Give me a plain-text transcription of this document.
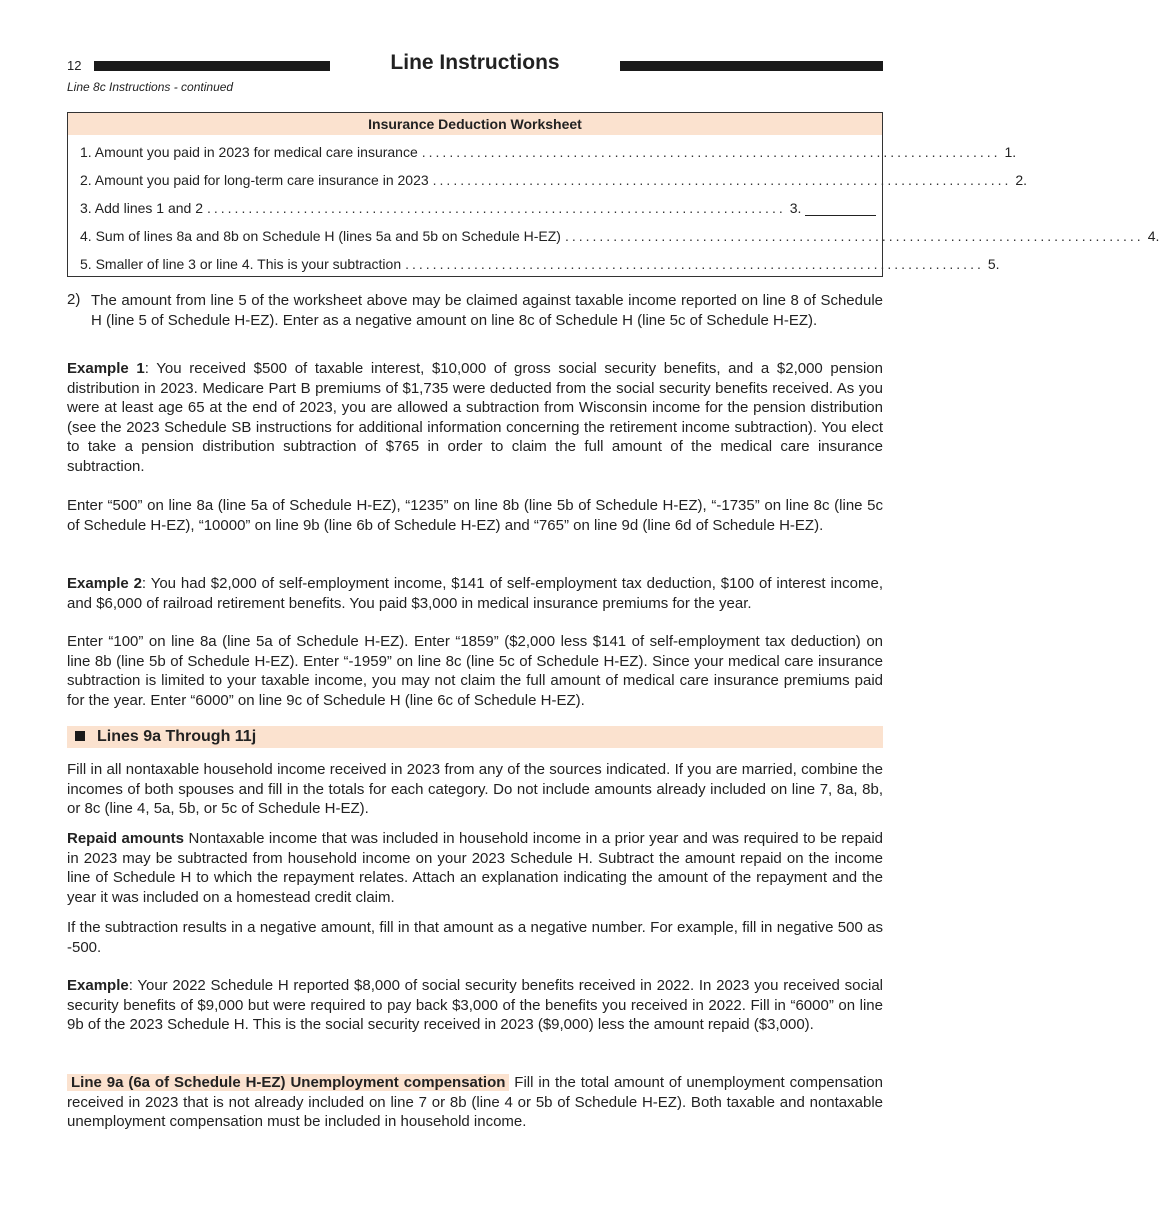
12	Line Instructions
Line 8c Instructions - continued
Insurance Deduction Worksheet
1. Amount you paid in 2023 for medical care insurance .................................................................................... 1.
2. Amount you paid for long-term care insurance in 2023 .................................................................................... 2.
3. Add lines 1 and 2 .................................................................................... 3.
4. Sum of lines 8a and 8b on Schedule H (lines 5a and 5b on Schedule H-EZ) .................................................................................... 4.
5. Smaller of line 3 or line 4. This is your subtraction .................................................................................... 5.
2) The amount from line 5 of the worksheet above may be claimed against taxable income reported on line 8 of Schedule H (line 5 of Schedule H-EZ). Enter as a negative amount on line 8c of Schedule H (line 5c of Schedule H-EZ).
Example 1: You received $500 of taxable interest, $10,000 of gross social security benefits, and a $2,000 pension distribution in 2023. Medicare Part B premiums of $1,735 were deducted from the social security benefits received. As you were at least age 65 at the end of 2023, you are allowed a subtraction from Wisconsin income for the pension distribution (see the 2023 Schedule SB instructions for additional information concerning the retirement income subtraction). You elect to take a pension distribution subtraction of $765 in order to claim the full amount of the medical care insurance subtraction.
Enter “500” on line 8a (line 5a of Schedule H-EZ), “1235” on line 8b (line 5b of Schedule H-EZ), “-1735” on line 8c (line 5c of Schedule H-EZ), “10000” on line 9b (line 6b of Schedule H-EZ) and “765” on line 9d (line 6d of Schedule H-EZ).
Example 2: You had $2,000 of self-employment income, $141 of self-employment tax deduction, $100 of interest income, and $6,000 of railroad retirement benefits. You paid $3,000 in medical insurance premiums for the year.
Enter “100” on line 8a (line 5a of Schedule H-EZ). Enter “1859” ($2,000 less $141 of self-employment tax deduction) on line 8b (line 5b of Schedule H-EZ). Enter “-1959” on line 8c (line 5c of Schedule H-EZ). Since your medical care insurance subtraction is limited to your taxable income, you may not claim the full amount of medical care insurance premiums paid for the year. Enter “6000” on line 9c of Schedule H (line 6c of Schedule H-EZ).
Lines 9a Through 11j
Fill in all nontaxable household income received in 2023 from any of the sources indicated. If you are married, combine the incomes of both spouses and fill in the totals for each category. Do not include amounts already included on line 7, 8a, 8b, or 8c (line 4, 5a, 5b, or 5c of Schedule H-EZ).
Repaid amounts Nontaxable income that was included in household income in a prior year and was required to be repaid in 2023 may be subtracted from household income on your 2023 Schedule H. Subtract the amount repaid on the income line of Schedule H to which the repayment relates. Attach an explanation indicating the amount of the repayment and the year it was included on a homestead credit claim.
If the subtraction results in a negative amount, fill in that amount as a negative number. For example, fill in negative 500 as -500.
Example: Your 2022 Schedule H reported $8,000 of social security benefits received in 2022. In 2023 you received social security benefits of $9,000 but were required to pay back $3,000 of the benefits you received in 2022. Fill in “6000” on line 9b of the 2023 Schedule H. This is the social security received in 2023 ($9,000) less the amount repaid ($3,000).
Line 9a (6a of Schedule H-EZ) Unemployment compensation Fill in the total amount of unemployment compensation received in 2023 that is not already included on line 7 or 8b (line 4 or 5b of Schedule H-EZ). Both taxable and nontaxable unemployment compensation must be included in household income.
